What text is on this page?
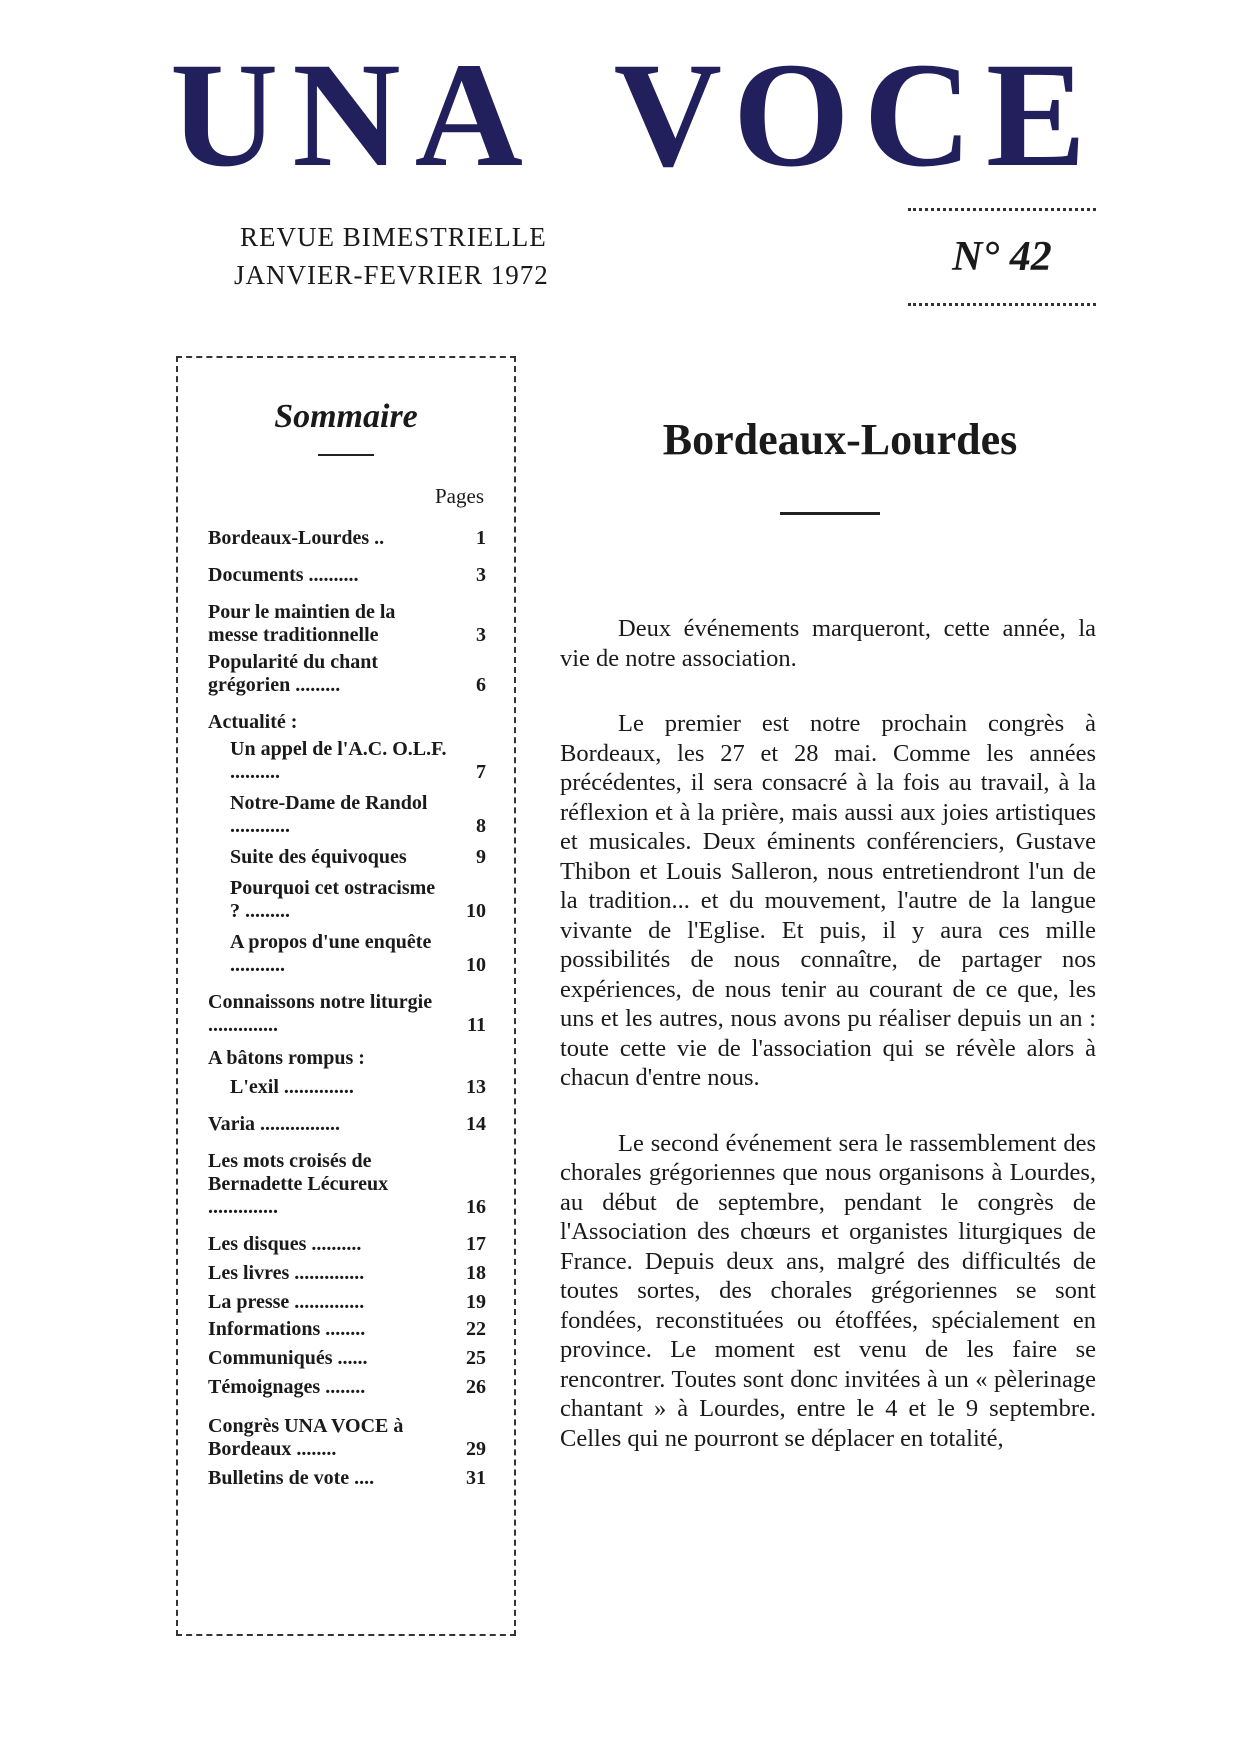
UNA VOCE
REVUE BIMESTRIELLE
JANVIER-FEVRIER 1972	N° 42
Sommaire
Pages
Bordeaux-Lourdes ..	1
Documents ..........	3
Pour le maintien de la messe traditionnelle	3
Popularité du chant grégorien .........	6
Actualité :
Un appel de l'A.C. O.L.F. ..........	7
Notre-Dame de Randol ............	8
Suite des équivoques	9
Pourquoi cet ostracisme ? .........	10
A propos d'une enquête ...........	10
Connaissons notre liturgie ..............	11
A bâtons rompus :
L'exil ..............	13
Varia ................	14
Les mots croisés de Bernadette Lécureux ..............	16
Les disques ..........	17
Les livres ..............	18
La presse ..............	19
Informations ........	22
Communiqués ......	25
Témoignages ........	26
Congrès UNA VOCE à Bordeaux ........	29
Bulletins de vote ....	31
Bordeaux-Lourdes

Deux événements marqueront, cette année, la vie de notre association.

Le premier est notre prochain congrès à Bordeaux, les 27 et 28 mai. Comme les années précédentes, il sera consacré à la fois au travail, à la réflexion et à la prière, mais aussi aux joies artistiques et musicales. Deux éminents conférenciers, Gustave Thibon et Louis Salleron, nous entretiendront l'un de la tradition... et du mouvement, l'autre de la langue vivante de l'Eglise. Et puis, il y aura ces mille possibilités de nous connaître, de partager nos expériences, de nous tenir au courant de ce que, les uns et les autres, nous avons pu réaliser depuis un an : toute cette vie de l'association qui se révèle alors à chacun d'entre nous.

Le second événement sera le rassemblement des chorales grégoriennes que nous organisons à Lourdes, au début de septembre, pendant le congrès de l'Association des chœurs et organistes liturgiques de France. Depuis deux ans, malgré des difficultés de toutes sortes, des chorales grégoriennes se sont fondées, reconstituées ou étoffées, spécialement en province. Le moment est venu de les faire se rencontrer. Toutes sont donc invitées à un « pèlerinage chantant » à Lourdes, entre le 4 et le 9 septembre. Celles qui ne pourront se déplacer en totalité,
